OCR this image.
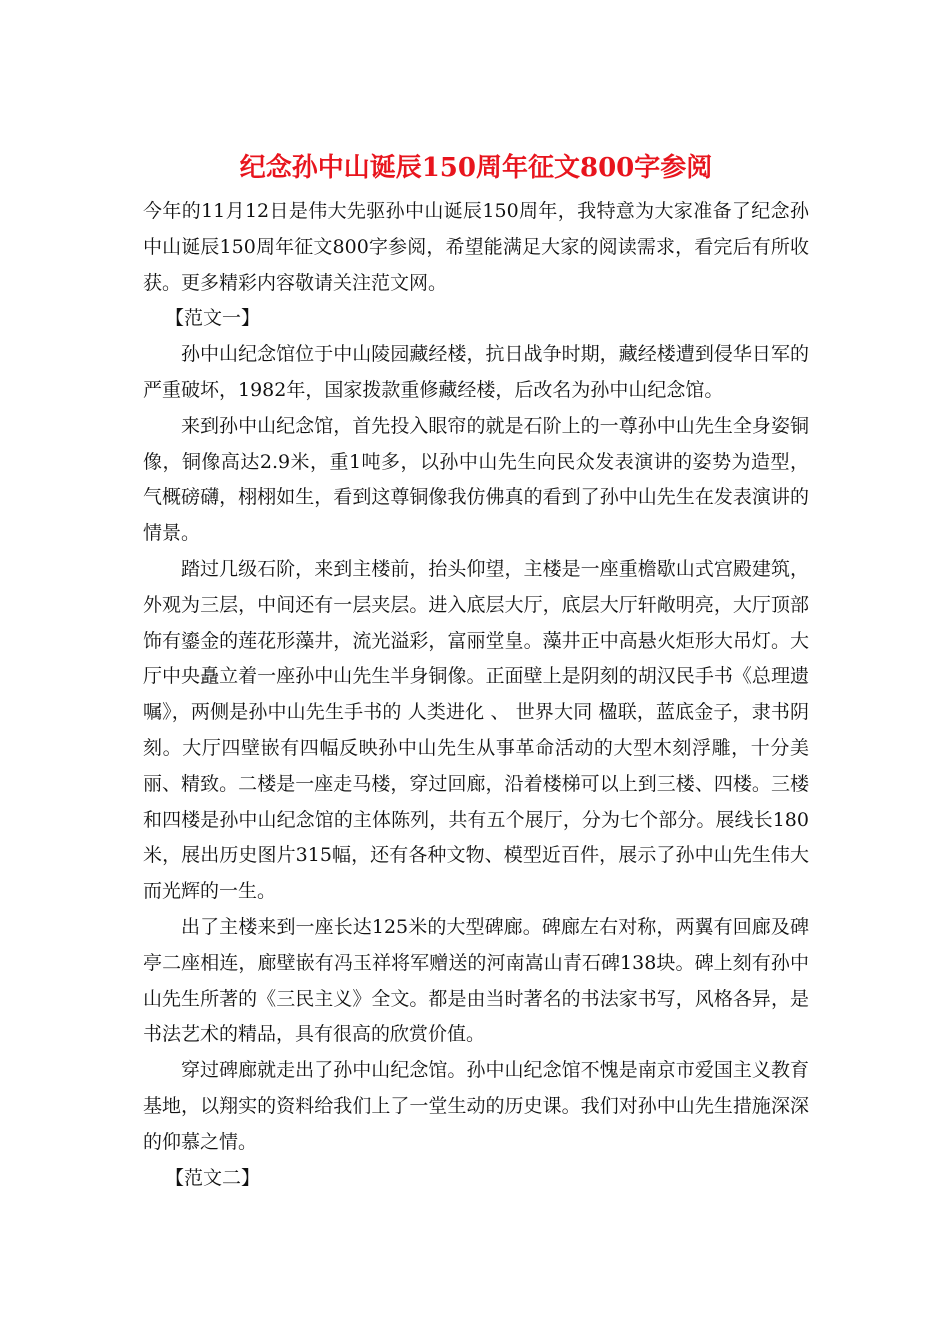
纪念孙中山诞辰150周年征文800字参阅

今年的11月12日是伟大先驱孙中山诞辰150周年，我特意为大家准备了纪念孙中山诞辰150周年征文800字参阅，希望能满足大家的阅读需求，看完后有所收获。更多精彩内容敬请关注范文网。

【范文一】

孙中山纪念馆位于中山陵园藏经楼，抗日战争时期，藏经楼遭到侵华日军的严重破坏，1982年，国家拨款重修藏经楼，后改名为孙中山纪念馆。

来到孙中山纪念馆，首先投入眼帘的就是石阶上的一尊孙中山先生全身姿铜像，铜像高达2.9米，重1吨多，以孙中山先生向民众发表演讲的姿势为造型，气概磅礴，栩栩如生，看到这尊铜像我仿佛真的看到了孙中山先生在发表演讲的情景。

踏过几级石阶，来到主楼前，抬头仰望，主楼是一座重檐歇山式宫殿建筑，外观为三层，中间还有一层夹层。进入底层大厅，底层大厅轩敞明亮，大厅顶部饰有鎏金的莲花形藻井，流光溢彩，富丽堂皇。藻井正中高悬火炬形大吊灯。大厅中央矗立着一座孙中山先生半身铜像。正面壁上是阴刻的胡汉民手书《总理遗嘱》，两侧是孙中山先生手书的 人类进化 、 世界大同 楹联，蓝底金子，隶书阴刻。大厅四壁嵌有四幅反映孙中山先生从事革命活动的大型木刻浮雕，十分美丽、精致。二楼是一座走马楼，穿过回廊，沿着楼梯可以上到三楼、四楼。三楼和四楼是孙中山纪念馆的主体陈列，共有五个展厅，分为七个部分。展线长180米，展出历史图片315幅，还有各种文物、模型近百件，展示了孙中山先生伟大而光辉的一生。

出了主楼来到一座长达125米的大型碑廊。碑廊左右对称，两翼有回廊及碑亭二座相连，廊壁嵌有冯玉祥将军赠送的河南嵩山青石碑138块。碑上刻有孙中山先生所著的《三民主义》全文。都是由当时著名的书法家书写，风格各异，是书法艺术的精品，具有很高的欣赏价值。

穿过碑廊就走出了孙中山纪念馆。孙中山纪念馆不愧是南京市爱国主义教育基地，以翔实的资料给我们上了一堂生动的历史课。我们对孙中山先生措施深深的仰慕之情。

【范文二】
